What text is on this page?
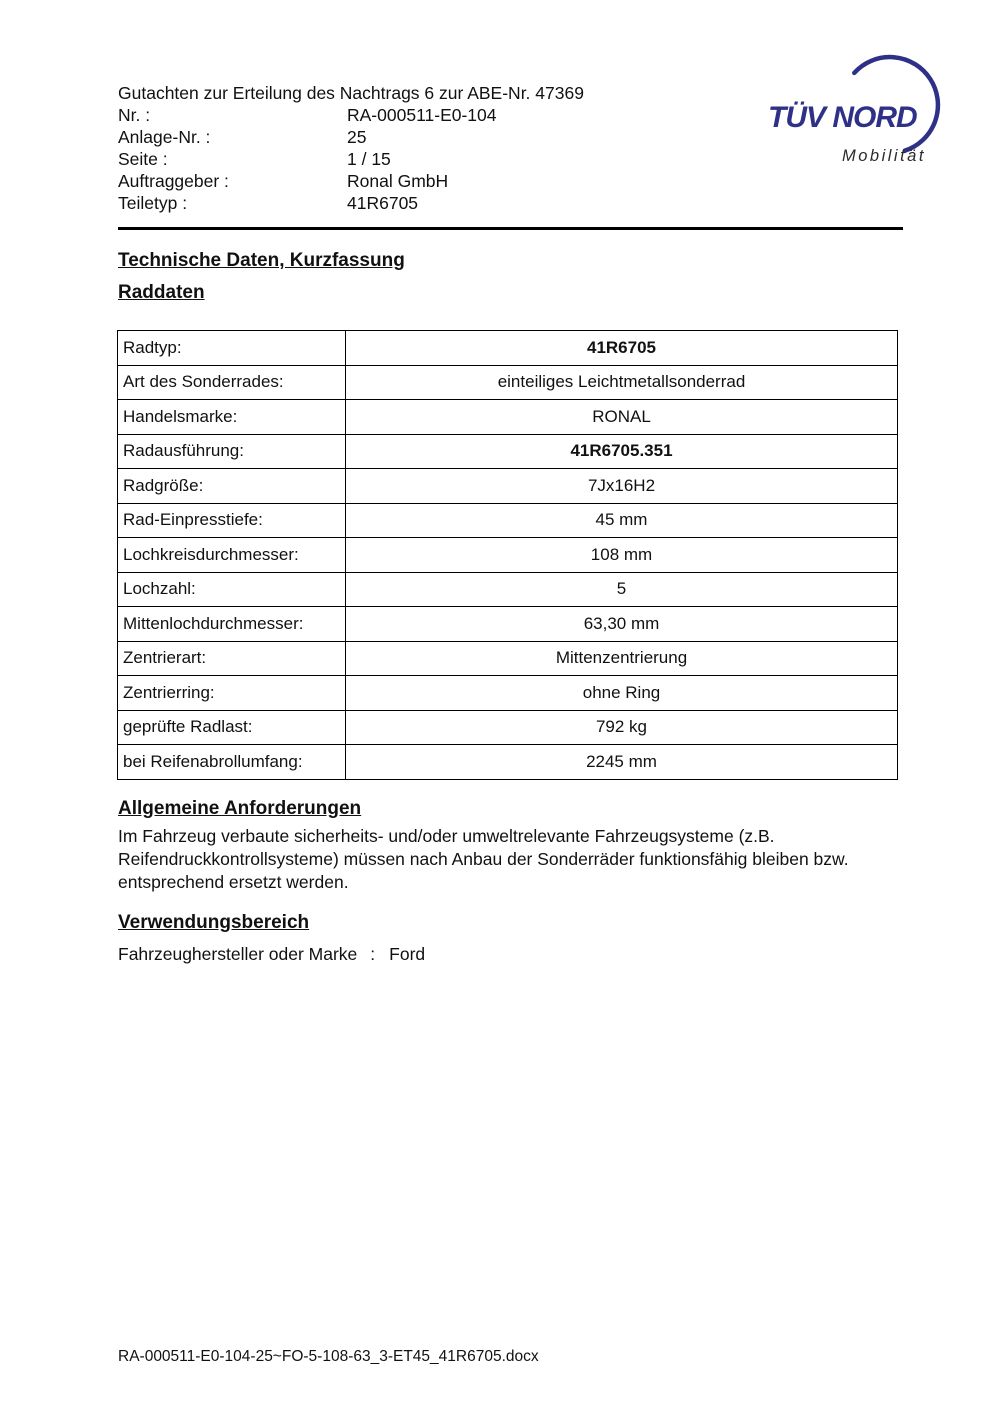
Gutachten zur Erteilung des Nachtrags 6 zur ABE-Nr. 47369
Nr. :	RA-000511-E0-104
Anlage-Nr. :	25
Seite :	1 / 15
Auftraggeber :	Ronal GmbH
Teiletyp :	41R6705
TÜV NORD
Mobilität
Technische Daten, Kurzfassung
Raddaten
Radtyp:	41R6705
Art des Sonderrades:	einteiliges Leichtmetallsonderrad
Handelsmarke:	RONAL
Radausführung:	41R6705.351
Radgröße:	7Jx16H2
Rad-Einpresstiefe:	45 mm
Lochkreisdurchmesser:	108 mm
Lochzahl:	5
Mittenlochdurchmesser:	63,30 mm
Zentrierart:	Mittenzentrierung
Zentrierring:	ohne Ring
geprüfte Radlast:	792 kg
bei Reifenabrollumfang:	2245 mm
Allgemeine Anforderungen
Im Fahrzeug verbaute sicherheits- und/oder umweltrelevante Fahrzeugsysteme (z.B. Reifendruckkontrollsysteme) müssen nach Anbau der Sonderräder funktionsfähig bleiben bzw. entsprechend ersetzt werden.
Verwendungsbereich
Fahrzeughersteller oder Marke : Ford
RA-000511-E0-104-25~FO-5-108-63_3-ET45_41R6705.docx
